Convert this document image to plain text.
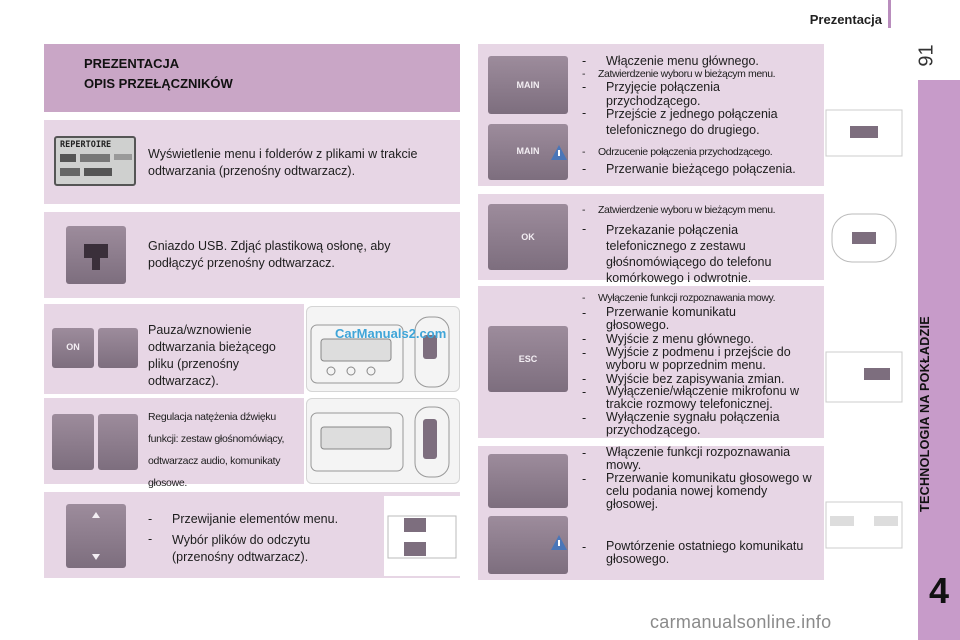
Prezentacja
91
TECHNOLOGIA NA POKŁADZIE
4
PREZENTACJA
OPIS PRZEŁĄCZNIKÓW
REPERTOIRE
Wyświetlenie menu i folderów z plikami w trakcie odtwarzania (przenośny odtwarzacz).
Gniazdo USB. Zdjąć plastikową osłonę, aby podłączyć przenośny odtwarzacz.
ON
Pauza/wznowienie odtwarzania bieżącego pliku (przenośny odtwarzacz).
CarManuals2.com
Regulacja natężenia dźwięku funkcji: zestaw głośnomówiący, odtwarzacz audio, komunikaty głosowe.
- Przewijanie elementów menu.
- Wybór plików do odczytu (przenośny odtwarzacz).
MAIN
MAIN
- Włączenie menu głównego.
- Zatwierdzenie wyboru w bieżącym menu.
- Przyjęcie połączenia przychodzącego.
- Przejście z jednego połączenia telefonicznego do drugiego.
- Odrzucenie połączenia przychodzącego.
- Przerwanie bieżącego połączenia.
OK
- Zatwierdzenie wyboru w bieżącym menu.
- Przekazanie połączenia telefonicznego z zestawu głośnomówiącego do telefonu komórkowego i odwrotnie.
ESC
- Wyłączenie funkcji rozpoznawania mowy.
- Przerwanie komunikatu głosowego.
- Wyjście z menu głównego.
- Wyjście z podmenu i przejście do wyboru w poprzednim menu.
- Wyjście bez zapisywania zmian.
- Wyłączenie/włączenie mikrofonu w trakcie rozmowy telefonicznej.
- Wyłączenie sygnału połączenia przychodzącego.
- Włączenie funkcji rozpoznawania mowy.
- Przerwanie komunikatu głosowego w celu podania nowej komendy głosowej.
- Powtórzenie ostatniego komunikatu głosowego.
carmanualsonline.info
